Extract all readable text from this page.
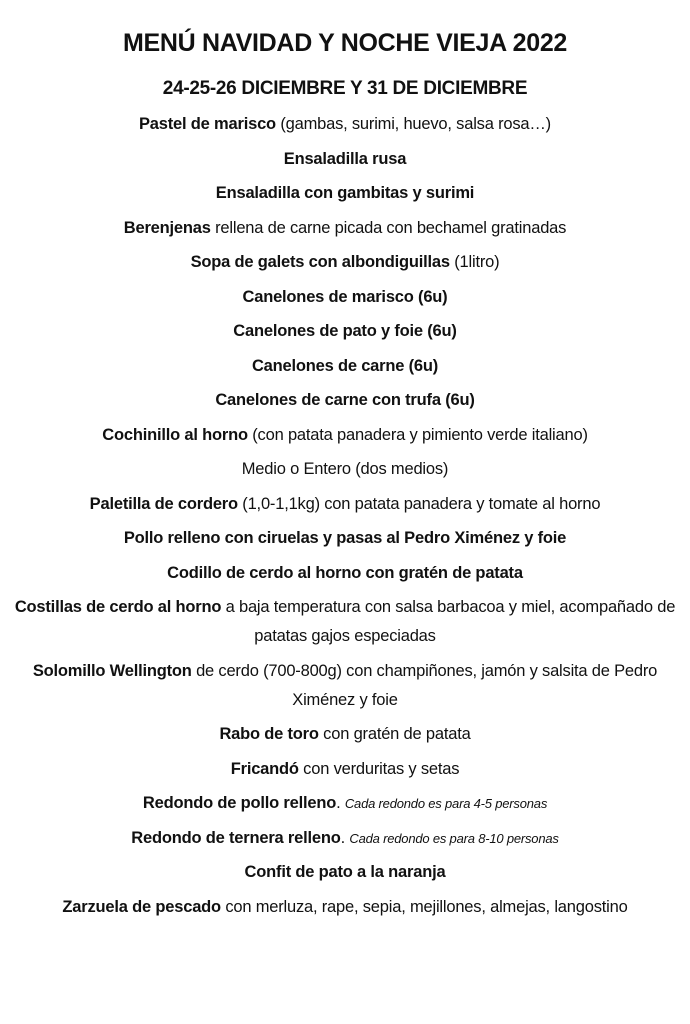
MENÚ NAVIDAD Y NOCHE VIEJA 2022
24-25-26 DICIEMBRE Y 31 DE DICIEMBRE
Pastel de marisco (gambas, surimi, huevo, salsa rosa…)
Ensaladilla rusa
Ensaladilla con gambitas y surimi
Berenjenas rellena de carne picada con bechamel gratinadas
Sopa de galets con albondiguillas (1litro)
Canelones de marisco (6u)
Canelones de pato y foie (6u)
Canelones de carne (6u)
Canelones de carne con trufa (6u)
Cochinillo al horno (con patata panadera y pimiento verde italiano)
Medio o Entero (dos medios)
Paletilla de cordero (1,0-1,1kg) con patata panadera y tomate al horno
Pollo relleno con ciruelas y pasas al Pedro Ximénez y foie
Codillo de cerdo al horno con gratén de patata
Costillas de cerdo al horno a baja temperatura con salsa barbacoa y miel, acompañado de patatas gajos especiadas
Solomillo Wellington de cerdo (700-800g) con champiñones, jamón y salsita de Pedro Ximénez y foie
Rabo de toro con gratén de patata
Fricandó con verduritas y setas
Redondo de pollo relleno. Cada redondo es para 4-5 personas
Redondo de ternera relleno. Cada redondo es para 8-10 personas
Confit de pato a la naranja
Zarzuela de pescado con merluza, rape, sepia, mejillones, almejas, langostino
